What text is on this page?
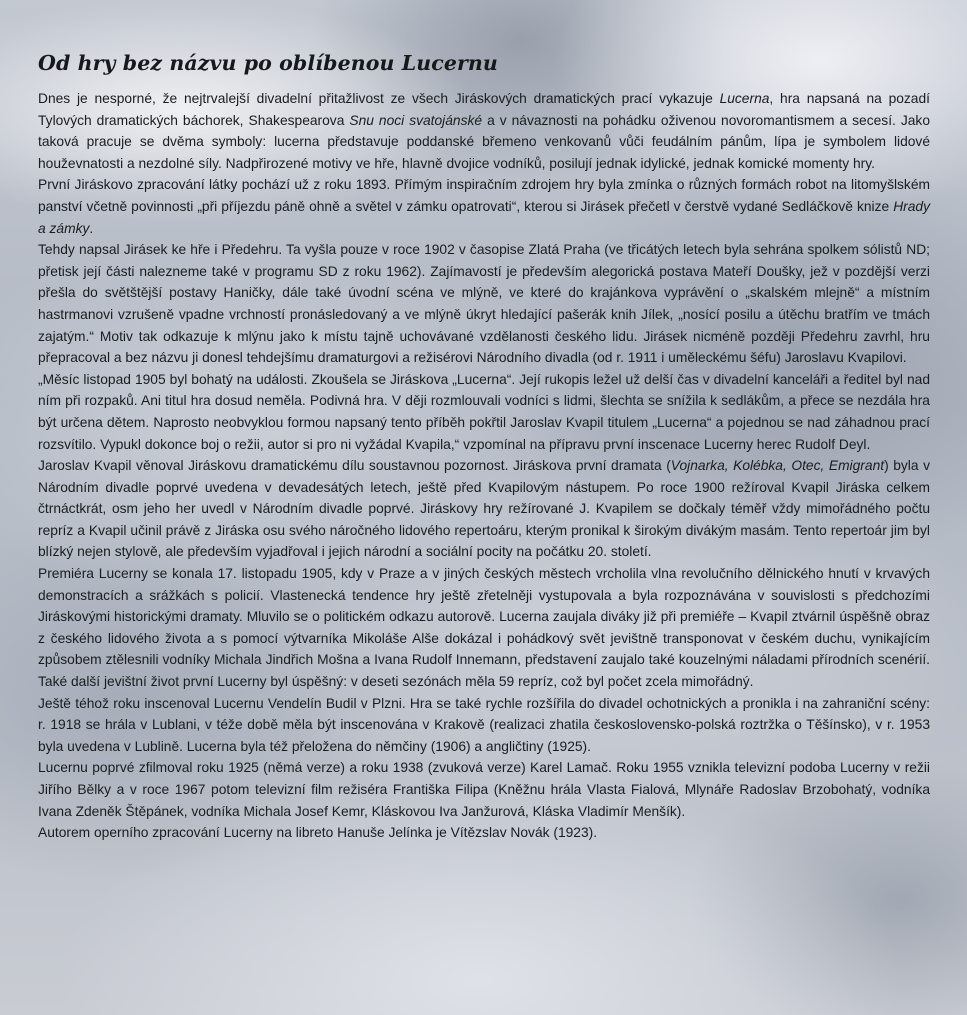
Od hry bez názvu po oblíbenou Lucernu

Dnes je nesporné, že nejtrvalejší divadelní přitažlivost ze všech Jiráskových dramatických prací vykazuje Lucerna, hra napsaná na pozadí Tylových dramatických báchorek, Shakespearova Snu noci svatojánské a v návaznosti na pohádku oživenou novoromantismem a secesí. Jako taková pracuje se dvěma symboly: lucerna představuje poddanské břemeno venkovanů vůči feudálním pánům, lípa je symbolem lidové houževnatosti a nezdolné síly. Nadpřirozené motivy ve hře, hlavně dvojice vodníků, posilují jednak idylické, jednak komické momenty hry.

První Jiráskovo zpracování látky pochází už z roku 1893. Přímým inspiračním zdrojem hry byla zmínka o různých formách robot na litomyšlském panství včetně povinnosti „při příjezdu páně ohně a světel v zámku opatrovati“, kterou si Jirásek přečetl v čerstvě vydané Sedláčkově knize Hrady a zámky.

Tehdy napsal Jirásek ke hře i Předehru. Ta vyšla pouze v roce 1902 v časopise Zlatá Praha (ve třicátých letech byla sehrána spolkem sólistů ND; přetisk její části nalezneme také v programu SD z roku 1962). Zajímavostí je především alegorická postava Mateří Doušky, jež v pozdější verzi přešla do světštější postavy Haničky, dále také úvodní scéna ve mlýně, ve které do krajánkova vyprávění o „skalském mlejně“ a místním hastrmanovi vzrušeně vpadne vrchností pronásledovaný a ve mlýně úkryt hledající pašerák knih Jílek, „nosící posilu a útěchu bratřím ve tmách zajatým.“ Motiv tak odkazuje k mlýnu jako k místu tajně uchovávané vzdělanosti českého lidu. Jirásek nicméně později Předehru zavrhl, hru přepracoval a bez názvu ji donesl tehdejšímu dramaturgovi a režisérovi Národního divadla (od r. 1911 i uměleckému šéfu) Jaroslavu Kvapilovi.

„Měsíc listopad 1905 byl bohatý na události. Zkoušela se Jiráskova „Lucerna“. Její rukopis ležel už delší čas v divadelní kanceláři a ředitel byl nad ním při rozpaků. Ani titul hra dosud neměla. Podivná hra. V ději rozmlouvali vodníci s lidmi, šlechta se snížila k sedlákům, a přece se nezdála hra být určena dětem. Naprosto neobvyklou formou napsaný tento příběh pokřtil Jaroslav Kvapil titulem „Lucerna“ a pojednou se nad záhadnou prací rozsvítilo. Vypukl dokonce boj o režii, autor si pro ni vyžádal Kvapila,“ vzpomínal na přípravu první inscenace Lucerny herec Rudolf Deyl.

Jaroslav Kvapil věnoval Jiráskovu dramatickému dílu soustavnou pozornost. Jiráskova první dramata (Vojnarka, Kolébka, Otec, Emigrant) byla v Národním divadle poprvé uvedena v devadesátých letech, ještě před Kvapilovým nástupem. Po roce 1900 režíroval Kvapil Jiráska celkem čtrnáctkrát, osm jeho her uvedl v Národním divadle poprvé. Jiráskovy hry režírované J. Kvapilem se dočkaly téměř vždy mimořádného počtu repríz a Kvapil učinil právě z Jiráska osu svého náročného lidového repertoáru, kterým pronikal k širokým divákým masám. Tento repertoár jim byl blízký nejen stylově, ale především vyjadřoval i jejich národní a sociální pocity na počátku 20. století.

Premiéra Lucerny se konala 17. listopadu 1905, kdy v Praze a v jiných českých městech vrcholila vlna revolučního dělnického hnutí v krvavých demonstracích a srážkách s policií. Vlastenecká tendence hry ještě zřetelněji vystupovala a byla rozpoznávána v souvislosti s předchozími Jiráskovými historickými dramaty. Mluvilo se o politickém odkazu autorově. Lucerna zaujala diváky již při premiéře – Kvapil ztvárnil úspěšně obraz z českého lidového života a s pomocí výtvarníka Mikoláše Alše dokázal i pohádkový svět jevištně transponovat v českém duchu, vynikajícím způsobem ztělesnili vodníky Michala Jindřich Mošna a Ivana Rudolf Innemann, představení zaujalo také kouzelnými náladami přírodních scenérií. Také další jevištní život první Lucerny byl úspěšný: v deseti sezónách měla 59 repríz, což byl počet zcela mimořádný.

Ještě téhož roku inscenoval Lucernu Vendelín Budil v Plzni. Hra se také rychle rozšířila do divadel ochotnických a pronikla i na zahraniční scény: r. 1918 se hrála v Lublani, v téže době měla být inscenována v Krakově (realizaci zhatila československo-polská roztržka o Těšínsko), v r. 1953 byla uvedena v Lublině. Lucerna byla též přeložena do němčiny (1906) a angličtiny (1925).

Lucernu poprvé zfilmoval roku 1925 (němá verze) a roku 1938 (zvuková verze) Karel Lamač. Roku 1955 vznikla televizní podoba Lucerny v režii Jiřího Bělky a v roce 1967 potom televizní film režiséra Františka Filipa (Kněžnu hrála Vlasta Fialová, Mlynáře Radoslav Brzobohatý, vodníka Ivana Zdeněk Štěpánek, vodníka Michala Josef Kemr, Kláskovou Iva Janžurová, Kláska Vladimír Menšík).

Autorem operního zpracování Lucerny na libreto Hanuše Jelínka je Vítězslav Novák (1923).
